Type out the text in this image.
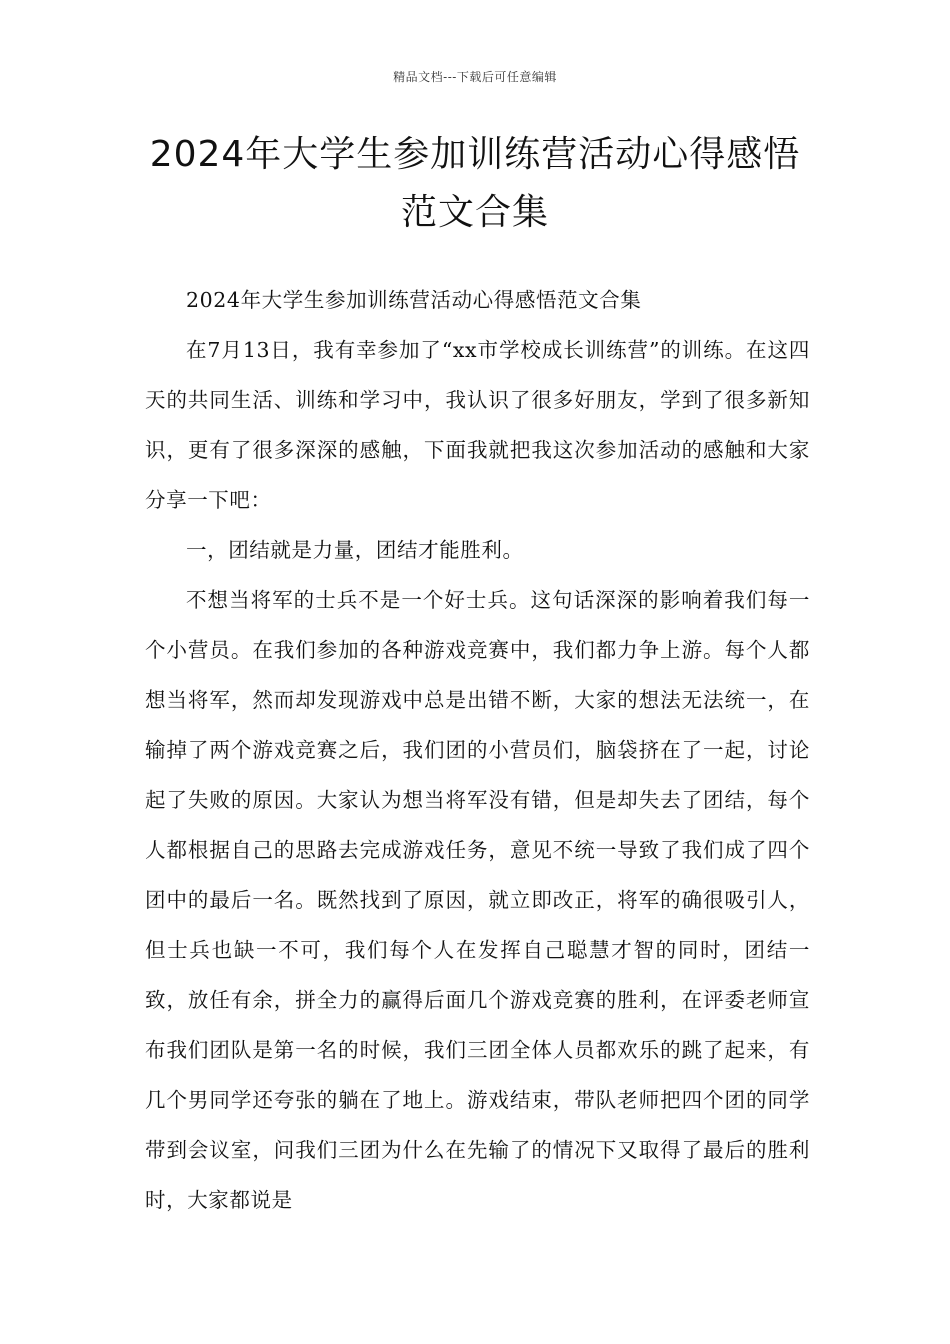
精品文档---下载后可任意编辑
2024年大学生参加训练营活动心得感悟
范文合集

2024年大学生参加训练营活动心得感悟范文合集

在7月13日，我有幸参加了“xx市学校成长训练营”的训练。在这四天的共同生活、训练和学习中，我认识了很多好朋友，学到了很多新知识，更有了很多深深的感触，下面我就把我这次参加活动的感触和大家分享一下吧：

一，团结就是力量，团结才能胜利。

不想当将军的士兵不是一个好士兵。这句话深深的影响着我们每一个小营员。在我们参加的各种游戏竞赛中，我们都力争上游。每个人都想当将军，然而却发现游戏中总是出错不断，大家的想法无法统一，在输掉了两个游戏竞赛之后，我们团的小营员们，脑袋挤在了一起，讨论起了失败的原因。大家认为想当将军没有错，但是却失去了团结，每个人都根据自己的思路去完成游戏任务，意见不统一导致了我们成了四个团中的最后一名。既然找到了原因，就立即改正，将军的确很吸引人，但士兵也缺一不可，我们每个人在发挥自己聪慧才智的同时，团结一致，放任有余，拼全力的赢得后面几个游戏竞赛的胜利，在评委老师宣布我们团队是第一名的时候，我们三团全体人员都欢乐的跳了起来，有几个男同学还夸张的躺在了地上。游戏结束，带队老师把四个团的同学带到会议室，问我们三团为什么在先输了的情况下又取得了最后的胜利时，大家都说是
